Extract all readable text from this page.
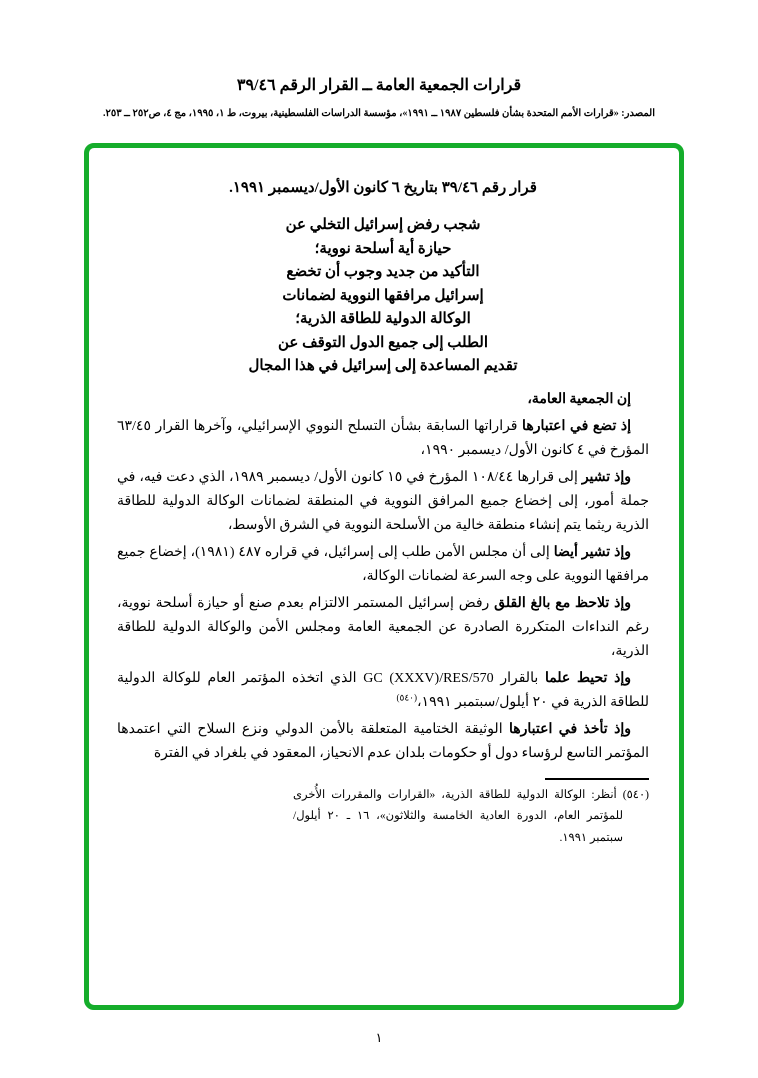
قرارات الجمعية العامة ــ القرار الرقم ٣٩/٤٦
المصدر: «قرارات الأمم المتحدة بشأن فلسطين ١٩٨٧ ــ ١٩٩١»، مؤسسة الدراسات الفلسطينية، بيروت، ط ١، ١٩٩٥، مج ٤، ص٢٥٢ ــ ٢٥٣.
قرار رقم ٣٩/٤٦ بتاريخ ٦ كانون الأول/ديسمبر ١٩٩١.
شجب رفض إسرائيل التخلي عن
حيازة أية أسلحة نووية؛
التأكيد من جديد وجوب أن تخضع
إسرائيل مرافقها النووية لضمانات
الوكالة الدولية للطاقة الذرية؛
الطلب إلى جميع الدول التوقف عن
تقديم المساعدة إلى إسرائيل في هذا المجال

إن الجمعية العامة،

إذ تضع في اعتبارها قراراتها السابقة بشأن التسلح النووي الإسرائيلي، وآخرها القرار ٦٣/٤٥ المؤرخ في ٤ كانون الأول/ ديسمبر ١٩٩٠،

وإذ تشير إلى قرارها ١٠٨/٤٤ المؤرخ في ١٥ كانون الأول/ ديسمبر ١٩٨٩، الذي دعت فيه، في جملة أمور، إلى إخضاع جميع المرافق النووية في المنطقة لضمانات الوكالة الدولية للطاقة الذرية ريثما يتم إنشاء منطقة خالية من الأسلحة النووية في الشرق الأوسط،

وإذ تشير أيضا إلى أن مجلس الأمن طلب إلى إسرائيل، في قراره ٤٨٧ (١٩٨١)، إخضاع جميع مرافقها النووية على وجه السرعة لضمانات الوكالة،

وإذ تلاحظ مع بالغ القلق رفض إسرائيل المستمر الالتزام بعدم صنع أو حيازة أسلحة نووية، رغم النداءات المتكررة الصادرة عن الجمعية العامة ومجلس الأمن والوكالة الدولية للطاقة الذرية،

وإذ تحيط علما بالقرار GC (XXXV)/RES/570 الذي اتخذه المؤتمر العام للوكالة الدولية للطاقة الذرية في ٢٠ أيلول/سبتمبر ١٩٩١،$^{(٥٤٠)}$

وإذ تأخذ في اعتبارها الوثيقة الختامية المتعلقة بالأمن الدولي ونزع السلاح التي اعتمدها المؤتمر التاسع لرؤساء دول أو حكومات بلدان عدم الانحياز، المعقود في بلغراد في الفترة

(٥٤٠) أنظر: الوكالة الدولية للطاقة الذرية، «القرارات والمقررات الأُخرى للمؤتمر العام، الدورة العادية الخامسة والثلاثون»، ١٦ ـ ٢٠ أيلول/ سبتمبر ١٩٩١.

١
